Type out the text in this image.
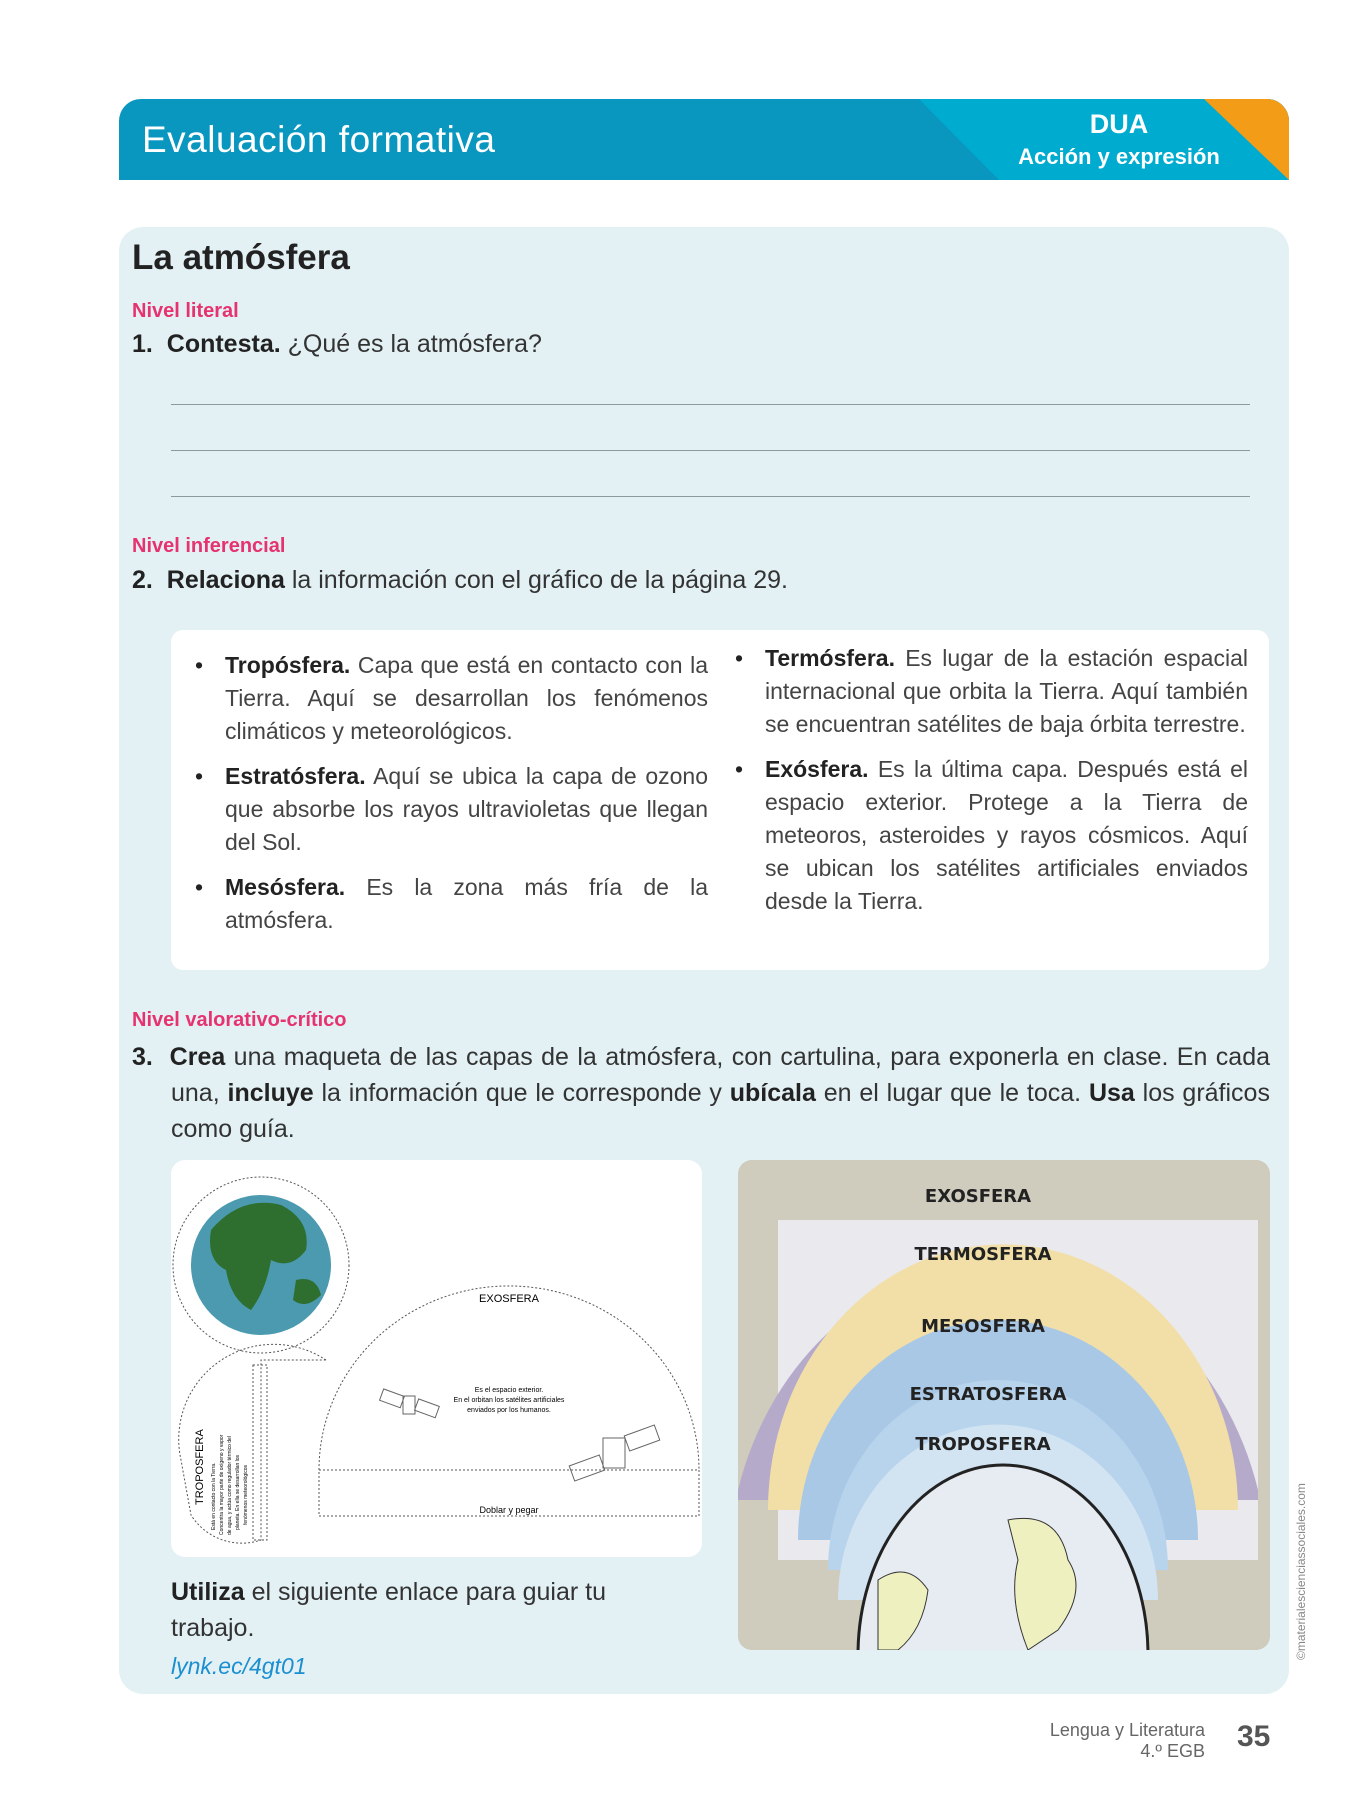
Evaluación formativa	DUA
Acción y expresión
La atmósfera
Nivel literal
1. Contesta. ¿Qué es la atmósfera?
Nivel inferencial
2. Relaciona la información con el gráfico de la página 29.
• Tropósfera. Capa que está en contacto con la Tierra. Aquí se desarrollan los fenómenos climáticos y meteorológicos.
• Estratósfera. Aquí se ubica la capa de ozono que absorbe los rayos ultravioletas que llegan del Sol.
• Mesósfera. Es la zona más fría de la atmósfera.
• Termósfera. Es lugar de la estación espacial internacional que orbita la Tierra. Aquí también se encuentran satélites de baja órbita terrestre.
• Exósfera. Es la última capa. Después está el espacio exterior. Protege a la Tierra de meteoros, asteroides y rayos cósmicos. Aquí se ubican los satélites artificiales enviados desde la Tierra.
Nivel valorativo-crítico
3. Crea una maqueta de las capas de la atmósfera, con cartulina, para exponerla en clase. En cada una, incluye la información que le corresponde y ubícala en el lugar que le toca. Usa los gráficos como guía.
EXOSFERA
Es el espacio exterior.
En el orbitan los satélites artificiales
enviados por los humanos.
Doblar y pegar
TROPOSFERA Está en contacto con la Tierra. Concentra la mayor parte de oxígeno y vapor de agua, y actúa como regulador térmico del planeta. En ella se desarrollan los fenómenos meteorológicos
EXOSFERA
TERMOSFERA
MESOSFERA
ESTRATOSFERA
TROPOSFERA
Utiliza el siguiente enlace para guiar tu trabajo.
lynk.ec/4gt01
©materialescienciassociales.com
Lengua y Literatura
4.º EGB 35
